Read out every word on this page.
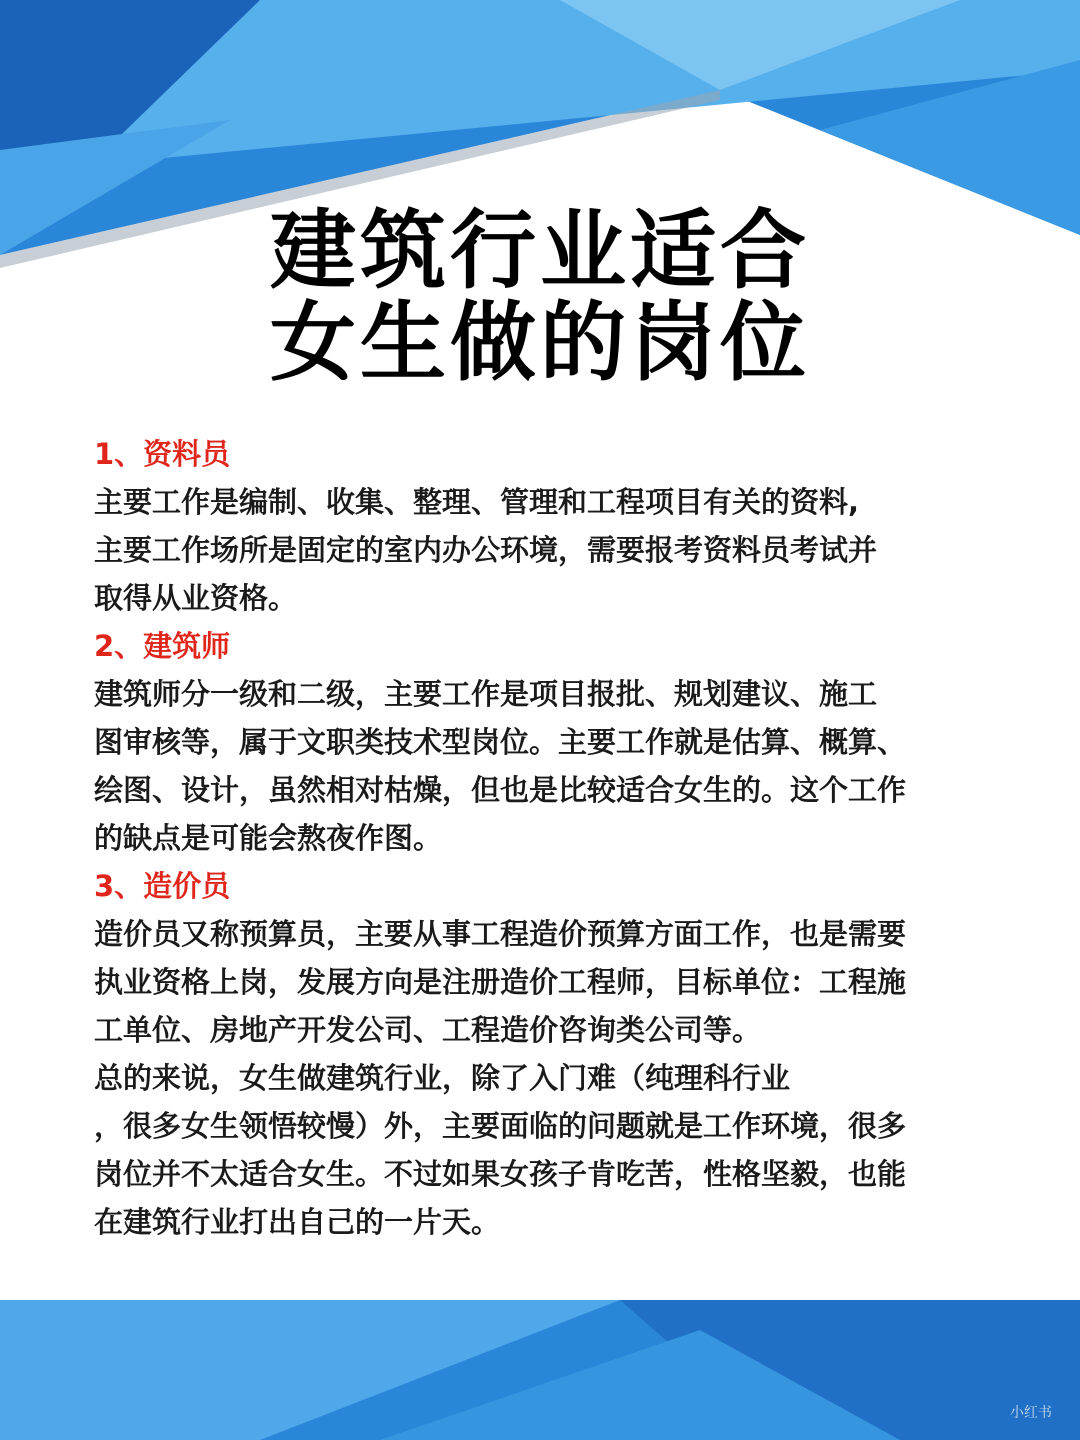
建筑行业适合
女生做的岗位

1、资料员

主要工作是编制、收集、整理、管理和工程项目有关的资料,

主要工作场所是固定的室内办公环境，需要报考资料员考试并

取得从业资格。

2、建筑师

建筑师分一级和二级，主要工作是项目报批、规划建议、施工

图审核等，属于文职类技术型岗位。主要工作就是估算、概算、

绘图、设计，虽然相对枯燥，但也是比较适合女生的。这个工作

的缺点是可能会熬夜作图。

3、造价员

造价员又称预算员，主要从事工程造价预算方面工作，也是需要

执业资格上岗，发展方向是注册造价工程师，目标单位：工程施

工单位、房地产开发公司、工程造价咨询类公司等。

总的来说，女生做建筑行业，除了入门难（纯理科行业

，很多女生领悟较慢）外，主要面临的问题就是工作环境，很多

岗位并不太适合女生。不过如果女孩子肯吃苦，性格坚毅，也能

在建筑行业打出自己的一片天。

小红书
